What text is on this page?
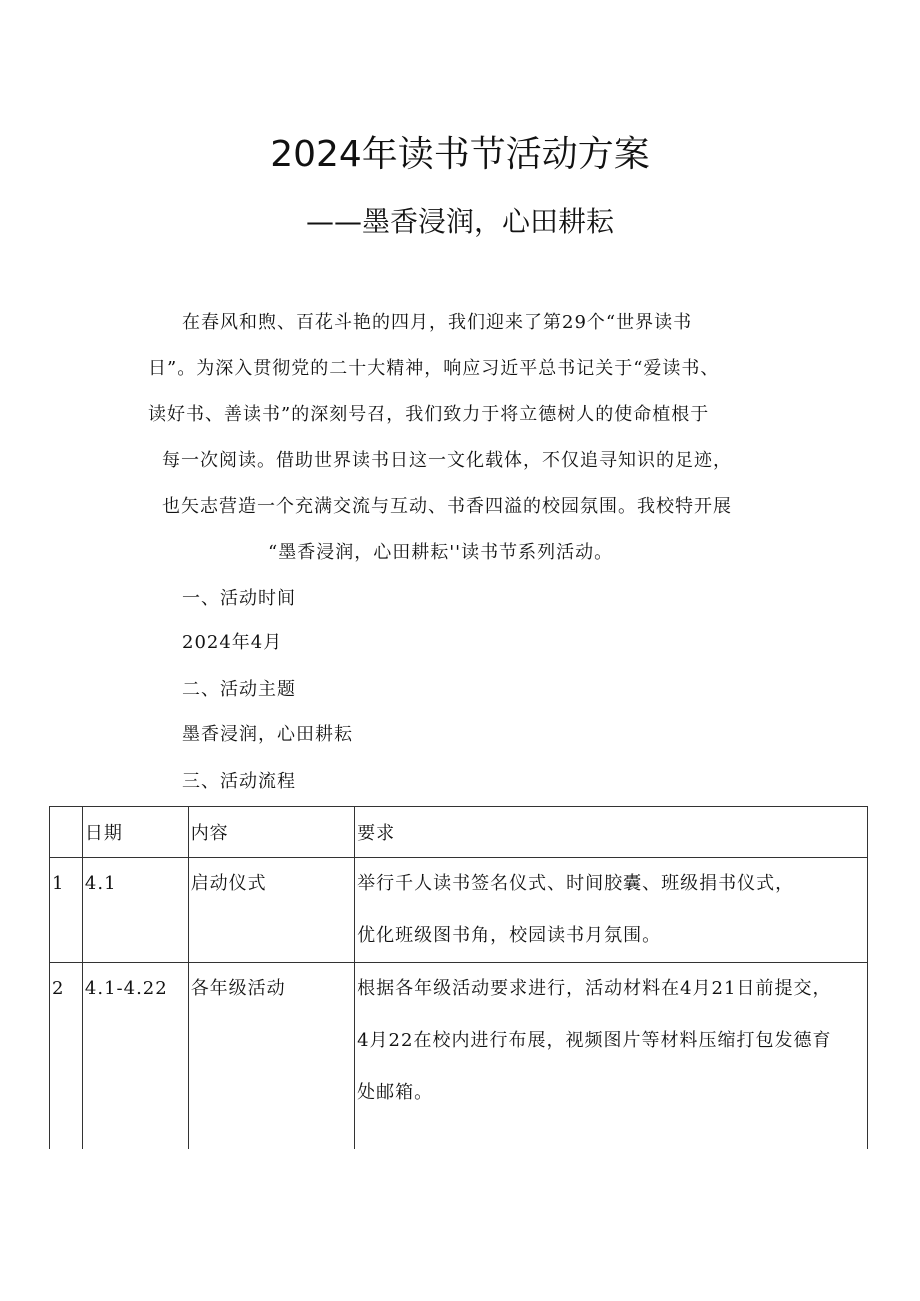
2024年读书节活动方案
——墨香浸润，心田耕耘
在春风和煦、百花斗艳的四月，我们迎来了第29个“世界读书
日”。为深入贯彻党的二十大精神，响应习近平总书记关于“爱读书、
读好书、善读书”的深刻号召，我们致力于将立德树人的使命植根于
每一次阅读。借助世界读书日这一文化载体，不仅追寻知识的足迹，
也矢志营造一个充满交流与互动、书香四溢的校园氛围。我校特开展
“墨香浸润，心田耕耘''读书节系列活动。
一、活动时间
2024年4月
二、活动主题
墨香浸润，心田耕耘
三、活动流程
	日期	内容	要求
1	4.1	启动仪式	举行千人读书签名仪式、时间胶囊、班级捐书仪式，
优化班级图书角，校园读书月氛围。

2	4.1-4.22	各年级活动	根据各年级活动要求进行，活动材料在4月21日前提交，
4月22在校内进行布展，视频图片等材料压缩打包发德育
处邮箱。
